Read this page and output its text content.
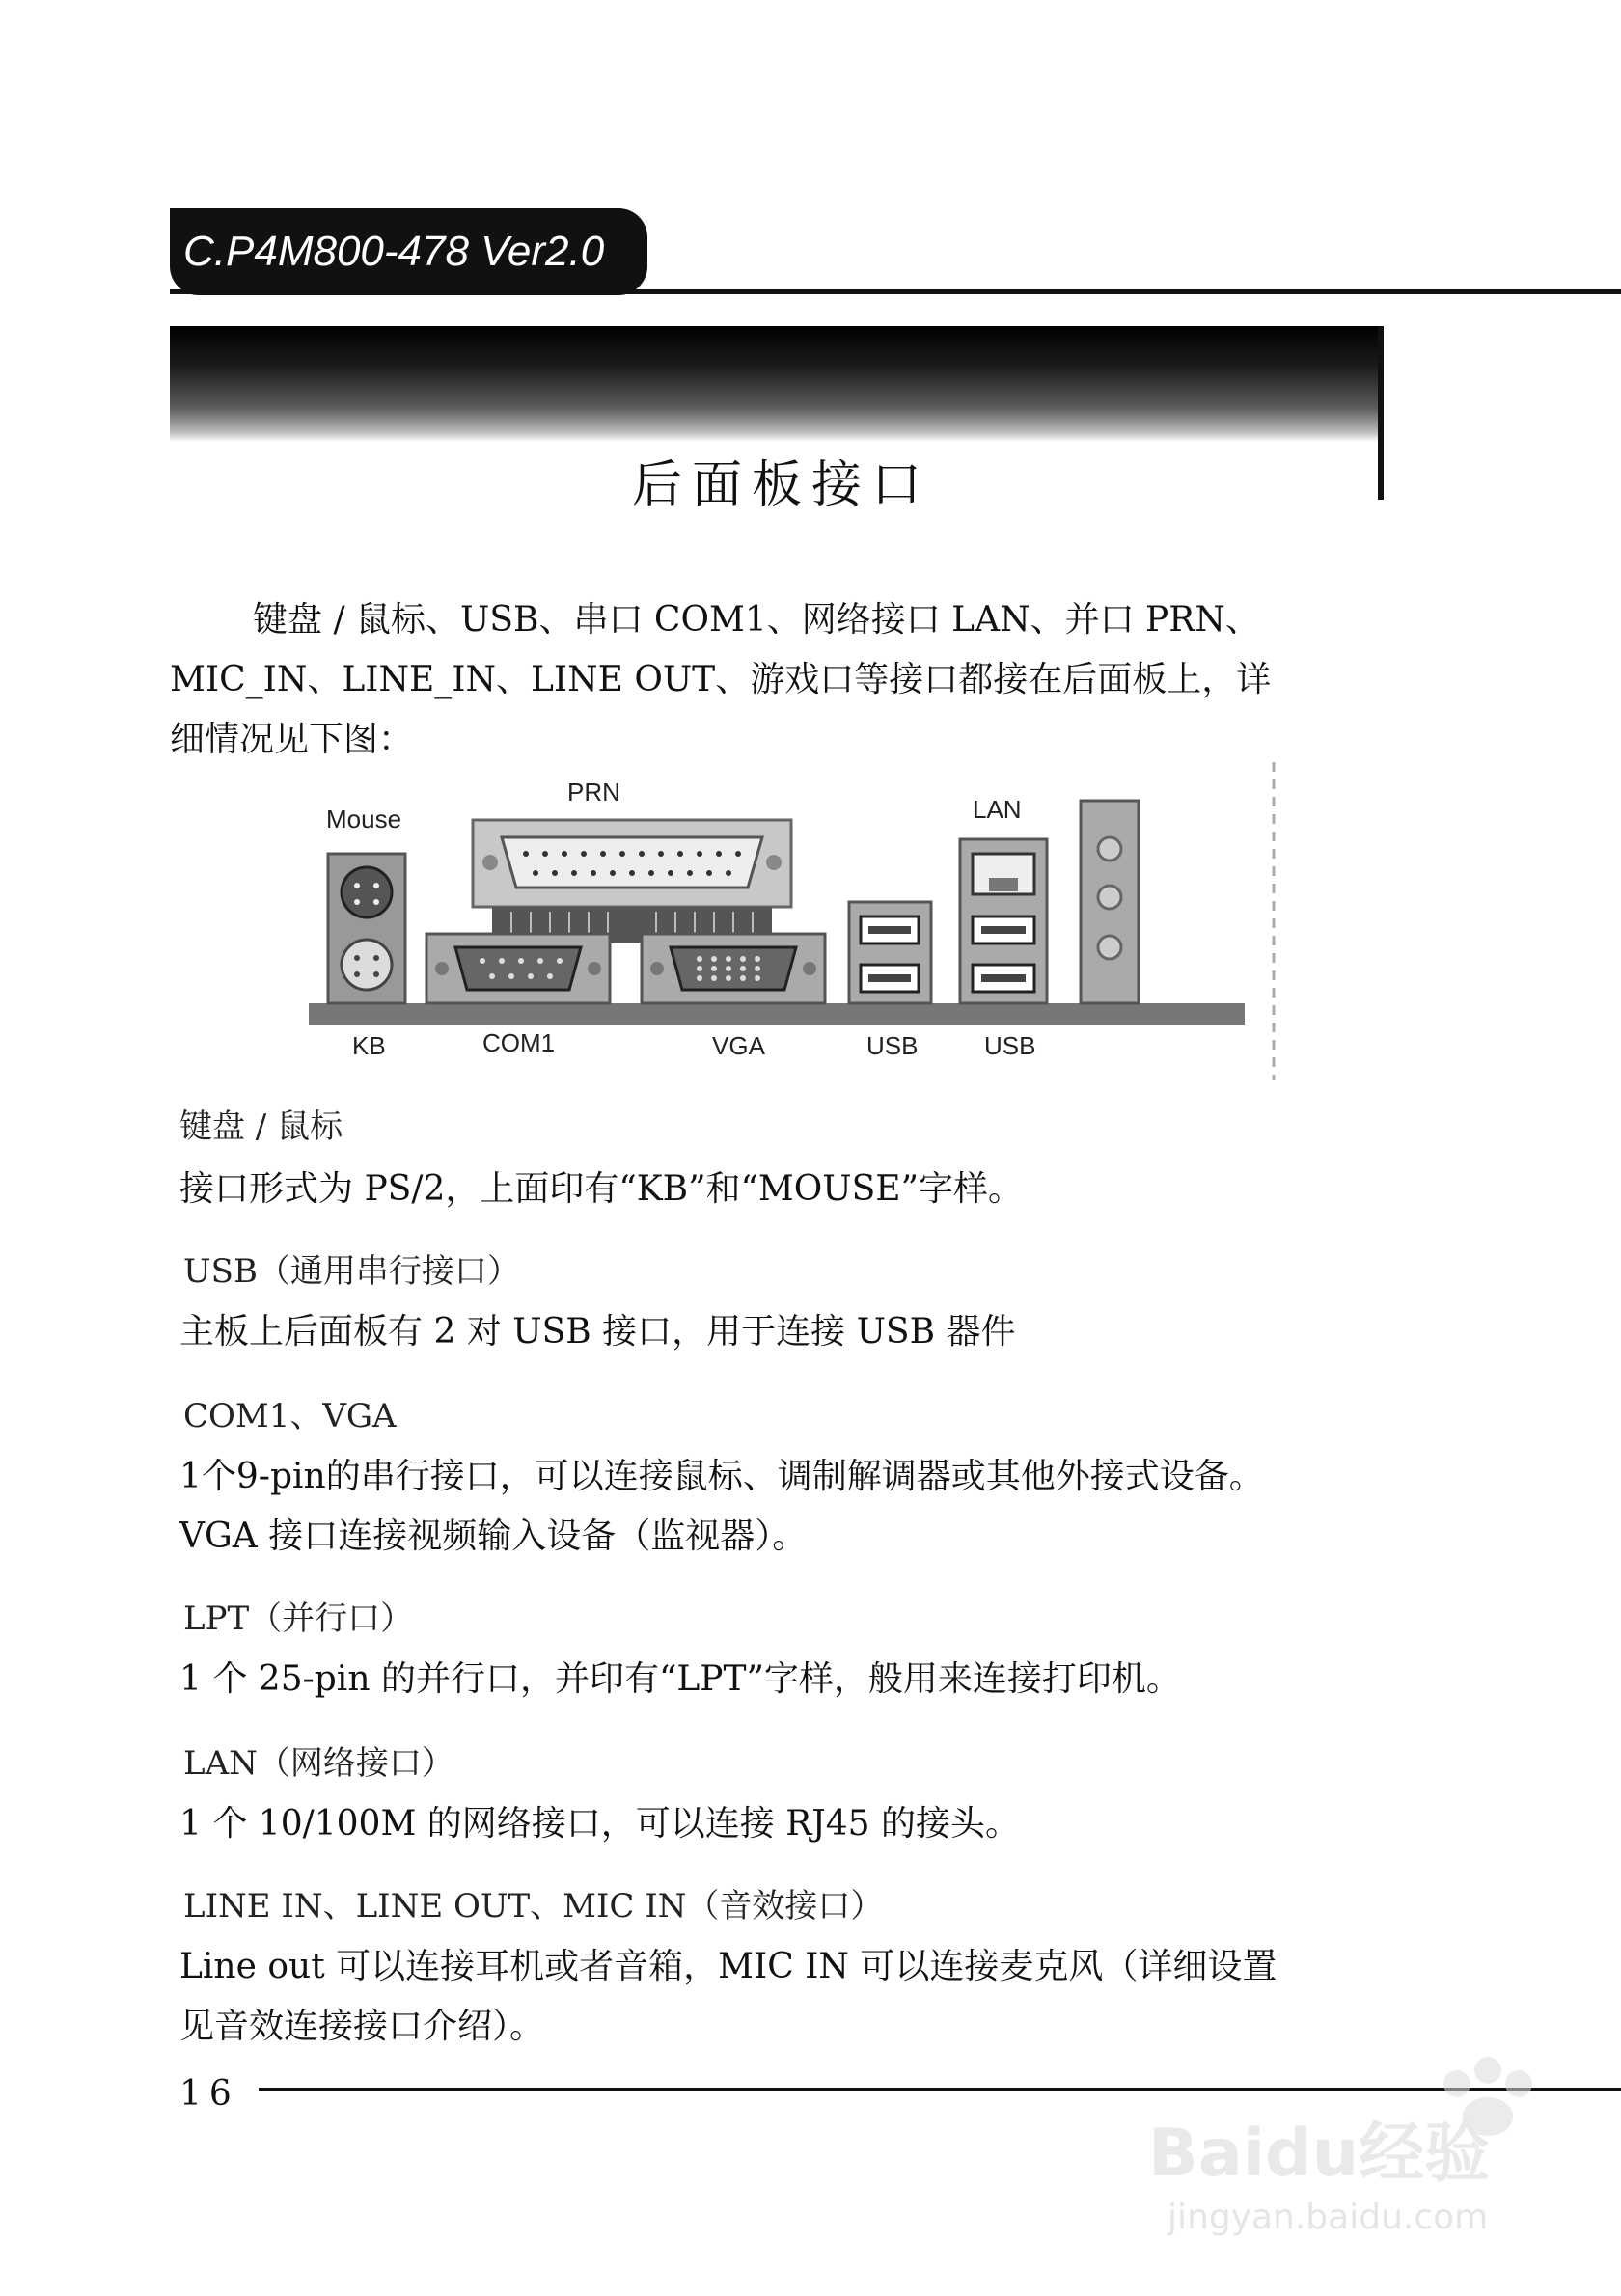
C.P4M800-478 Ver2.0
后面板接口
键盘 / 鼠标、USB、串口 COM1、网络接口 LAN、并口 PRN、
MIC_IN、LINE_IN、LINE OUT、游戏口等接口都接在后面板上，详
细情况见下图：
Mouse
PRN
LAN
KB	COM1	VGA	USB	USB
键盘 / 鼠标
接口形式为 PS/2，上面印有“KB”和“MOUSE”字样。
USB（通用串行接口）
主板上后面板有 2 对 USB 接口，用于连接 USB 器件
COM1、VGA
1个9-pin的串行接口，可以连接鼠标、调制解调器或其他外接式设备。
VGA 接口连接视频输入设备（监视器）。
LPT（并行口）
1 个 25-pin 的并行口，并印有“LPT”字样，般用来连接打印机。
LAN（网络接口）
1 个 10/100M 的网络接口，可以连接 RJ45 的接头。
LINE IN、LINE OUT、MIC IN（音效接口）
Line out 可以连接耳机或者音箱，MIC IN 可以连接麦克风（详细设置
见音效连接接口介绍）。
16
Baidu经验
jingyan.baidu.com
